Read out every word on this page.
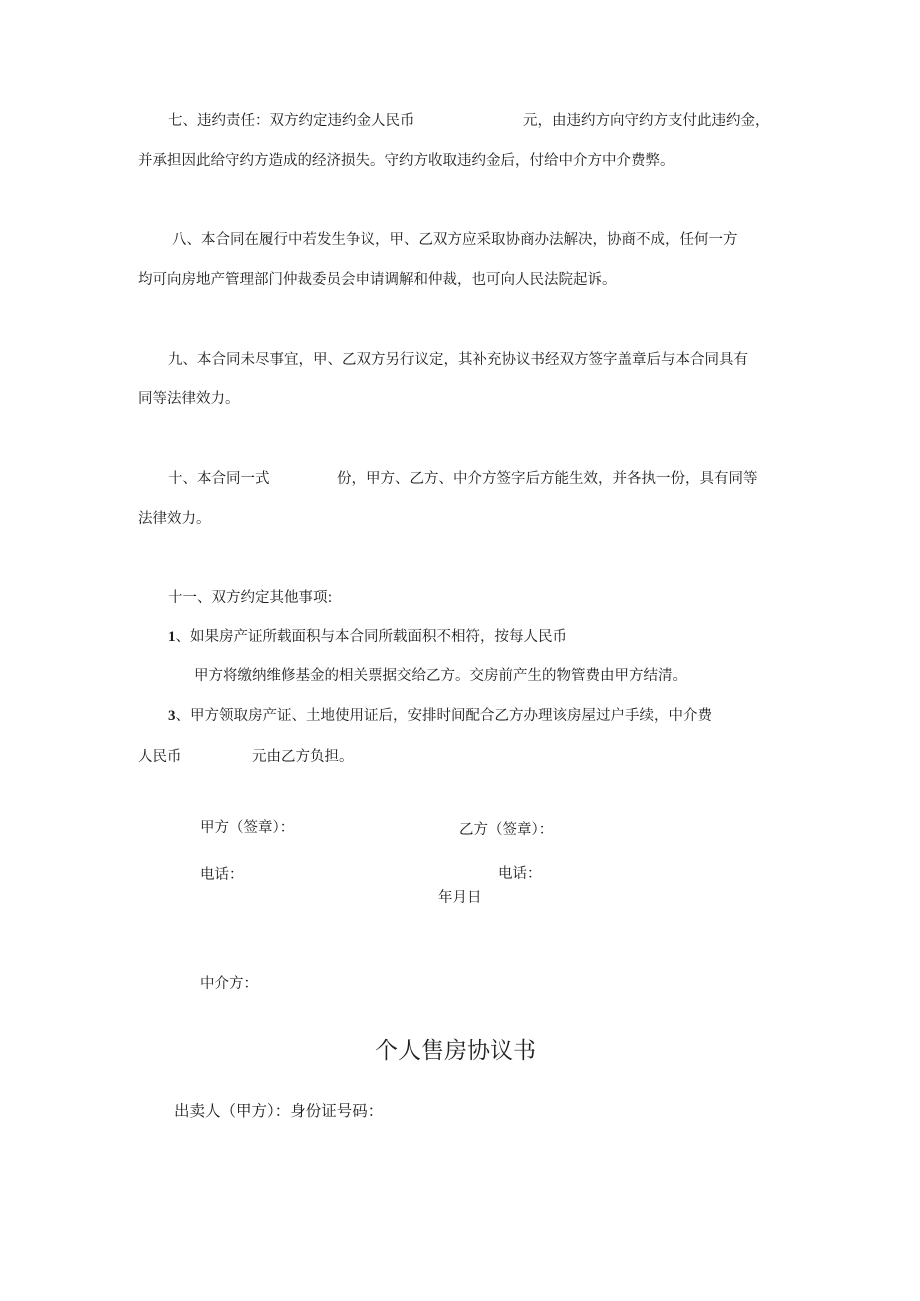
七、违约责任：双方约定违约金人民币	元，由违约方向守约方支付此违约金，
并承担因此给守约方造成的经济损失。守约方收取违约金后，付给中介方中介费弊。
八、本合同在履行中若发生争议，甲、乙双方应采取协商办法解决，协商不成，任何一方
均可向房地产管理部门仲裁委员会申请调解和仲裁，也可向人民法院起诉。
九、本合同未尽事宜，甲、乙双方另行议定，其补充协议书经双方签字盖章后与本合同具有
同等法律效力。
十、本合同一式	份，甲方、乙方、中介方签字后方能生效，并各执一份，具有同等
法律效力。
十一、双方约定其他事项:
1、如果房产证所载面积与本合同所载面积不相符，按每人民币
甲方将缴纳维修基金的相关票据交给乙方。交房前产生的物管费由甲方结清。
3、甲方领取房产证、土地使用证后，安排时间配合乙方办理该房屋过户手续，中介费
人民币	元由乙方负担。
甲方（签章）：	乙方（签章）：
电话：	电话：
年月日
中介方：
个人售房协议书
出卖人（甲方）：身份证号码：
